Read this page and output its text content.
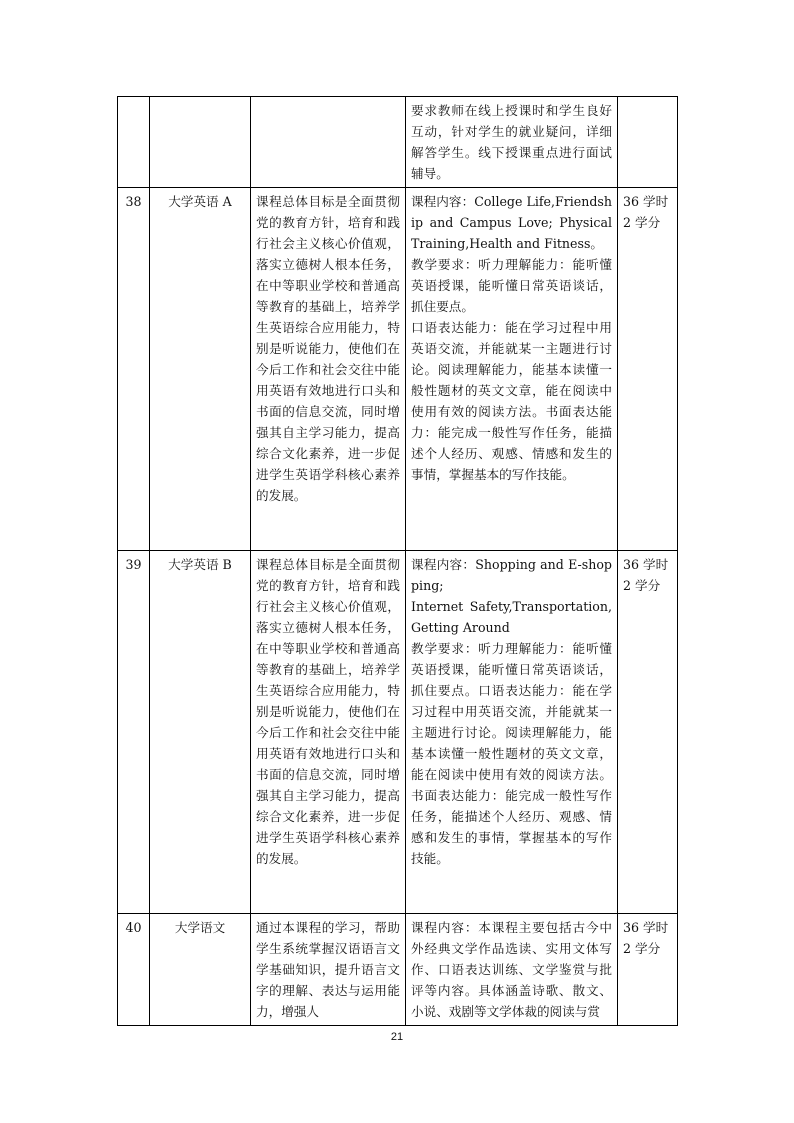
			要求教师在线上授课时和学生良好互动，针对学生的就业疑问，详细解答学生。线下授课重点进行面试辅导。	

38	大学英语 A	课程总体目标是全面贯彻党的教育方针，培育和践行社会主义核心价值观，落实立德树人根本任务，在中等职业学校和普通高等教育的基础上，培养学生英语综合应用能力，特别是听说能力，使他们在今后工作和社会交往中能用英语有效地进行口头和书面的信息交流，同时增强其自主学习能力，提高综合文化素养，进一步促进学生英语学科核心素养的发展。	课程内容：College Life,Friendship and Campus Love; Physical Training,Health and Fitness。
教学要求：听力理解能力：能听懂英语授课，能听懂日常英语谈话，抓住要点。
口语表达能力：能在学习过程中用英语交流，并能就某一主题进行讨论。阅读理解能力，能基本读懂一般性题材的英文文章，能在阅读中使用有效的阅读方法。书面表达能力：能完成一般性写作任务，能描述个人经历、观感、情感和发生的事情，掌握基本的写作技能。	36 学时
2 学分

39	大学英语 B	课程总体目标是全面贯彻党的教育方针，培育和践行社会主义核心价值观，落实立德树人根本任务，在中等职业学校和普通高等教育的基础上，培养学生英语综合应用能力，特别是听说能力，使他们在今后工作和社会交往中能用英语有效地进行口头和书面的信息交流，同时增强其自主学习能力，提高综合文化素养，进一步促进学生英语学科核心素养的发展。	课程内容：Shopping and E-shopping;
Internet Safety,Transportation,Getting Around
教学要求：听力理解能力：能听懂英语授课，能听懂日常英语谈话，抓住要点。口语表达能力：能在学习过程中用英语交流，并能就某一主题进行讨论。阅读理解能力，能基本读懂一般性题材的英文文章，能在阅读中使用有效的阅读方法。书面表达能力：能完成一般性写作任务，能描述个人经历、观感、情感和发生的事情，掌握基本的写作技能。	36 学时
2 学分

40	大学语文	通过本课程的学习，帮助学生系统掌握汉语语言文学基础知识，提升语言文字的理解、表达与运用能力，增强人	课程内容：本课程主要包括古今中外经典文学作品选读、实用文体写作、口语表达训练、文学鉴赏与批评等内容。具体涵盖诗歌、散文、小说、戏剧等文学体裁的阅读与赏	36 学时
2 学分
21
